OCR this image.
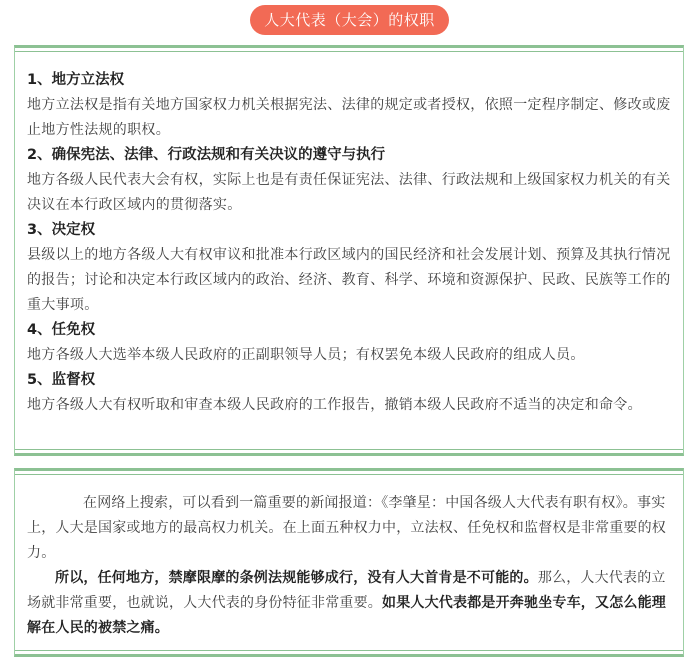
人大代表（大会）的权职
1、地方立法权
地方立法权是指有关地方国家权力机关根据宪法、法律的规定或者授权，依照一定程序制定、修改或废止地方性法规的职权。
2、确保宪法、法律、行政法规和有关决议的遵守与执行
地方各级人民代表大会有权，实际上也是有责任保证宪法、法律、行政法规和上级国家权力机关的有关决议在本行政区域内的贯彻落实。
3、决定权
县级以上的地方各级人大有权审议和批准本行政区域内的国民经济和社会发展计划、预算及其执行情况的报告；讨论和决定本行政区域内的政治、经济、教育、科学、环境和资源保护、民政、民族等工作的重大事项。
4、任免权
地方各级人大选举本级人民政府的正副职领导人员；有权罢免本级人民政府的组成人员。
5、监督权
地方各级人大有权听取和审查本级人民政府的工作报告，撤销本级人民政府不适当的决定和命令。

在网络上搜索，可以看到一篇重要的新闻报道：《李肇星：中国各级人大代表有职有权》。事实上，人大是国家或地方的最高权力机关。在上面五种权力中，立法权、任免权和监督权是非常重要的权力。

所以，任何地方，禁摩限摩的条例法规能够成行，没有人大首肯是不可能的。那么，人大代表的立场就非常重要，也就说，人大代表的身份特征非常重要。如果人大代表都是开奔驰坐专车，又怎么能理解在人民的被禁之痛。
